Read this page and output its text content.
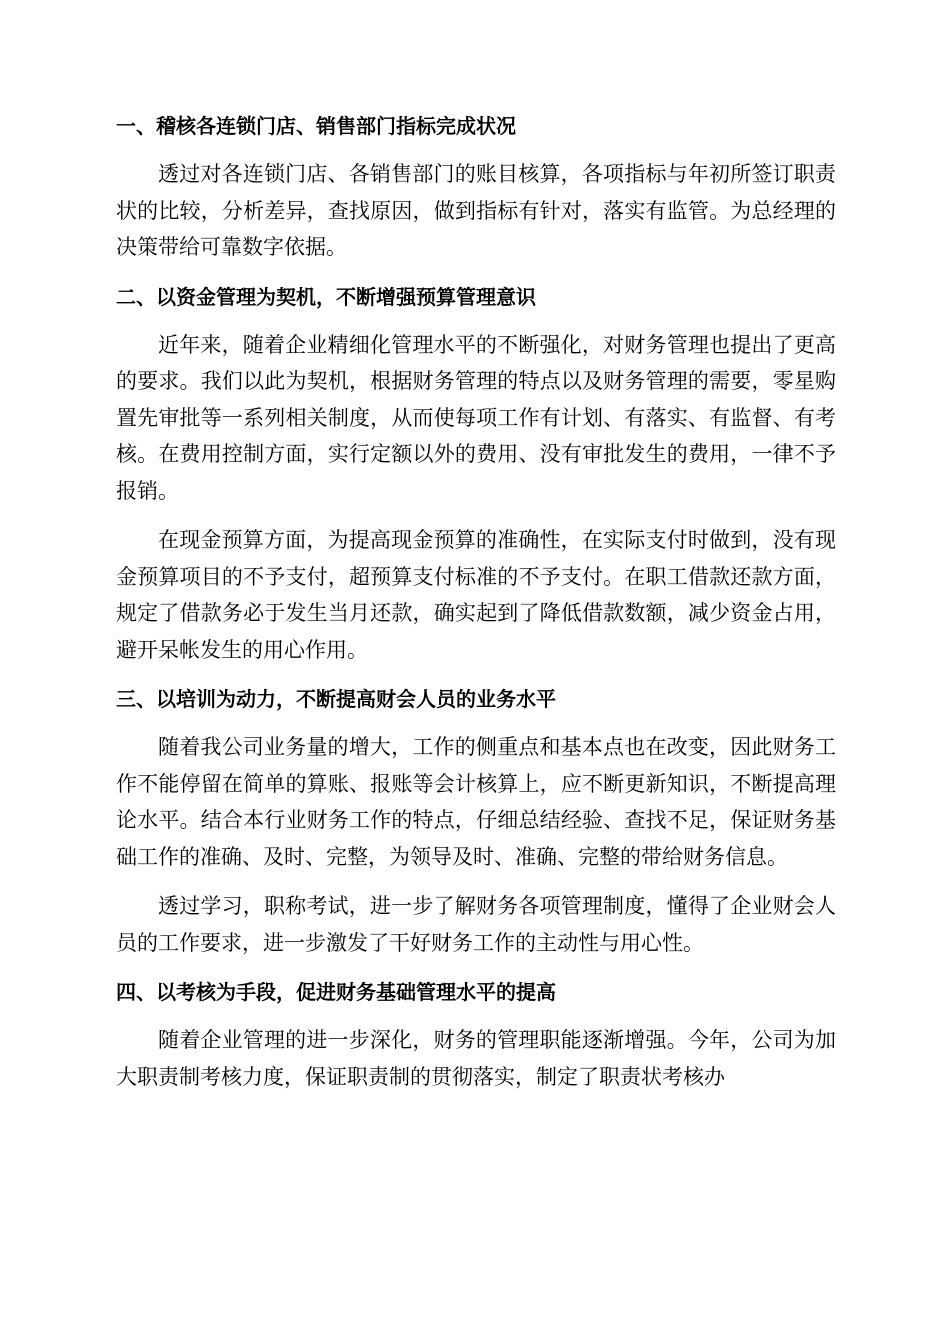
一、稽核各连锁门店、销售部门指标完成状况

透过对各连锁门店、各销售部门的账目核算，各项指标与年初所签订职责状的比较，分析差异，查找原因，做到指标有针对，落实有监管。为总经理的决策带给可靠数字依据。

二、以资金管理为契机，不断增强预算管理意识

近年来，随着企业精细化管理水平的不断强化，对财务管理也提出了更高的要求。我们以此为契机，根据财务管理的特点以及财务管理的需要，零星购置先审批等一系列相关制度，从而使每项工作有计划、有落实、有监督、有考核。在费用控制方面，实行定额以外的费用、没有审批发生的费用，一律不予报销。

在现金预算方面，为提高现金预算的准确性，在实际支付时做到，没有现金预算项目的不予支付，超预算支付标准的不予支付。在职工借款还款方面，规定了借款务必于发生当月还款，确实起到了降低借款数额，减少资金占用，避开呆帐发生的用心作用。

三、以培训为动力，不断提高财会人员的业务水平

随着我公司业务量的增大，工作的侧重点和基本点也在改变，因此财务工作不能停留在简单的算账、报账等会计核算上，应不断更新知识，不断提高理论水平。结合本行业财务工作的特点，仔细总结经验、查找不足，保证财务基础工作的准确、及时、完整，为领导及时、准确、完整的带给财务信息。

透过学习，职称考试，进一步了解财务各项管理制度，懂得了企业财会人员的工作要求，进一步激发了干好财务工作的主动性与用心性。

四、以考核为手段，促进财务基础管理水平的提高

随着企业管理的进一步深化，财务的管理职能逐渐增强。今年，公司为加大职责制考核力度，保证职责制的贯彻落实，制定了职责状考核办
